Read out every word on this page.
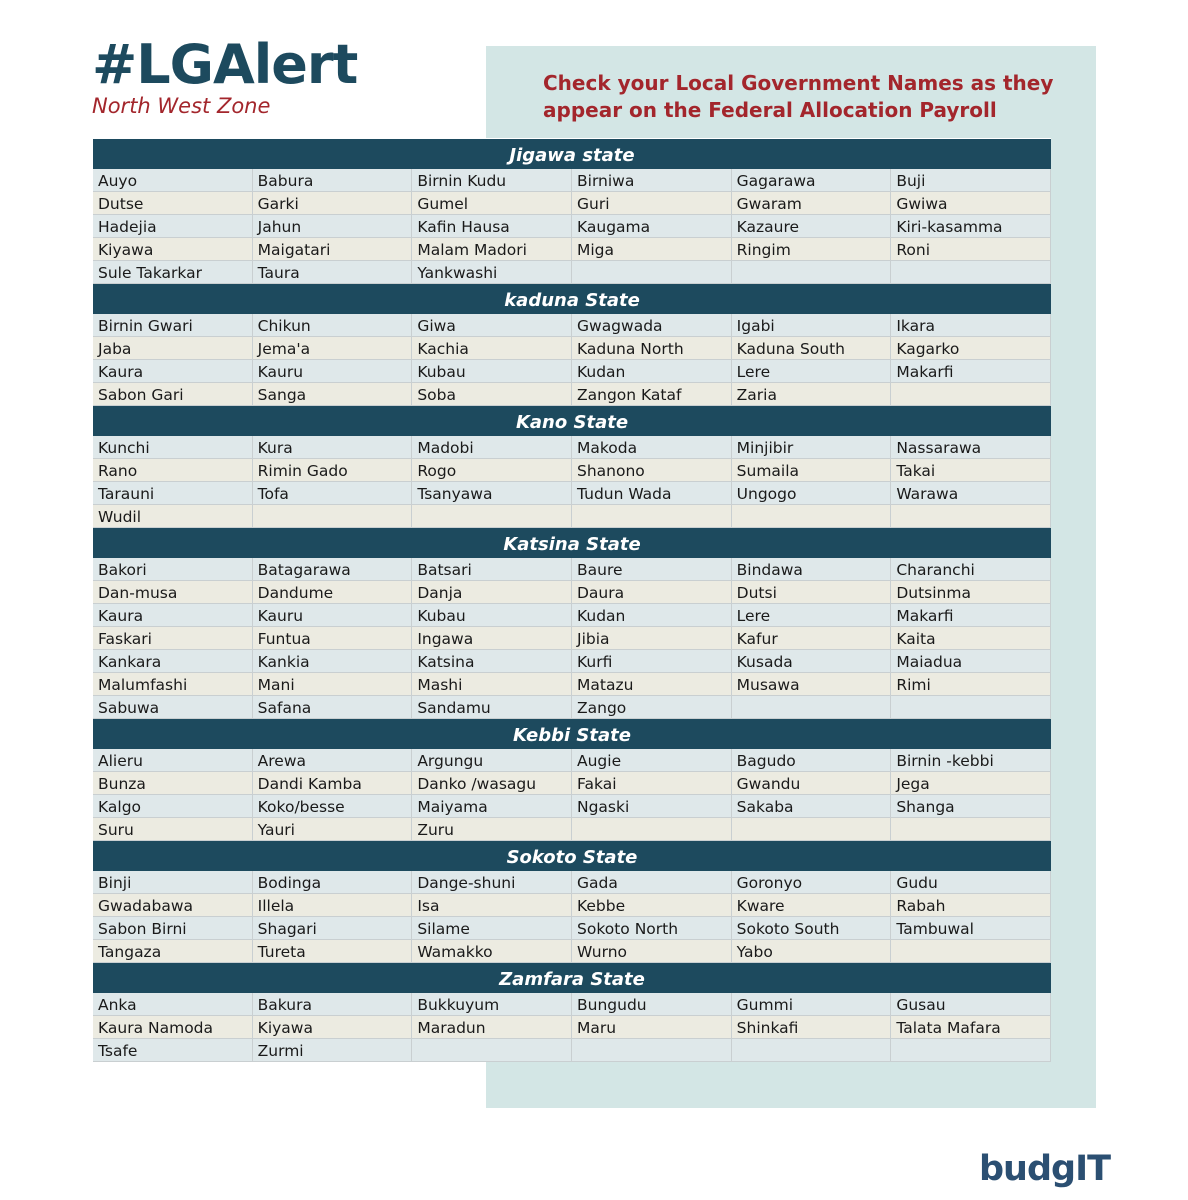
#LGAlert
North West Zone
Check your Local Government Names as they appear on the Federal Allocation Payroll
Jigawa state
Auyo	Babura	Birnin Kudu	Birniwa	Gagarawa	Buji
Dutse	Garki	Gumel	Guri	Gwaram	Gwiwa
Hadejia	Jahun	Kafin Hausa	Kaugama	Kazaure	Kiri-kasamma
Kiyawa	Maigatari	Malam Madori	Miga	Ringim	Roni
Sule Takarkar	Taura	Yankwashi
kaduna State
Birnin Gwari	Chikun	Giwa	Gwagwada	Igabi	Ikara
Jaba	Jema'a	Kachia	Kaduna North	Kaduna South	Kagarko
Kaura	Kauru	Kubau	Kudan	Lere	Makarfi
Sabon Gari	Sanga	Soba	Zangon Kataf	Zaria
Kano State
Kunchi	Kura	Madobi	Makoda	Minjibir	Nassarawa
Rano	Rimin Gado	Rogo	Shanono	Sumaila	Takai
Tarauni	Tofa	Tsanyawa	Tudun Wada	Ungogo	Warawa
Wudil
Katsina State
Bakori	Batagarawa	Batsari	Baure	Bindawa	Charanchi
Dan-musa	Dandume	Danja	Daura	Dutsi	Dutsinma
Kaura	Kauru	Kubau	Kudan	Lere	Makarfi
Faskari	Funtua	Ingawa	Jibia	Kafur	Kaita
Kankara	Kankia	Katsina	Kurfi	Kusada	Maiadua
Malumfashi	Mani	Mashi	Matazu	Musawa	Rimi
Sabuwa	Safana	Sandamu	Zango
Kebbi State
Alieru	Arewa	Argungu	Augie	Bagudo	Birnin -kebbi
Bunza	Dandi Kamba	Danko /wasagu	Fakai	Gwandu	Jega
Kalgo	Koko/besse	Maiyama	Ngaski	Sakaba	Shanga
Suru	Yauri	Zuru
Sokoto State
Binji	Bodinga	Dange-shuni	Gada	Goronyo	Gudu
Gwadabawa	Illela	Isa	Kebbe	Kware	Rabah
Sabon Birni	Shagari	Silame	Sokoto North	Sokoto South	Tambuwal
Tangaza	Tureta	Wamakko	Wurno	Yabo
Zamfara State
Anka	Bakura	Bukkuyum	Bungudu	Gummi	Gusau
Kaura Namoda	Kiyawa	Maradun	Maru	Shinkafi	Talata Mafara
Tsafe	Zurmi
budgIT
